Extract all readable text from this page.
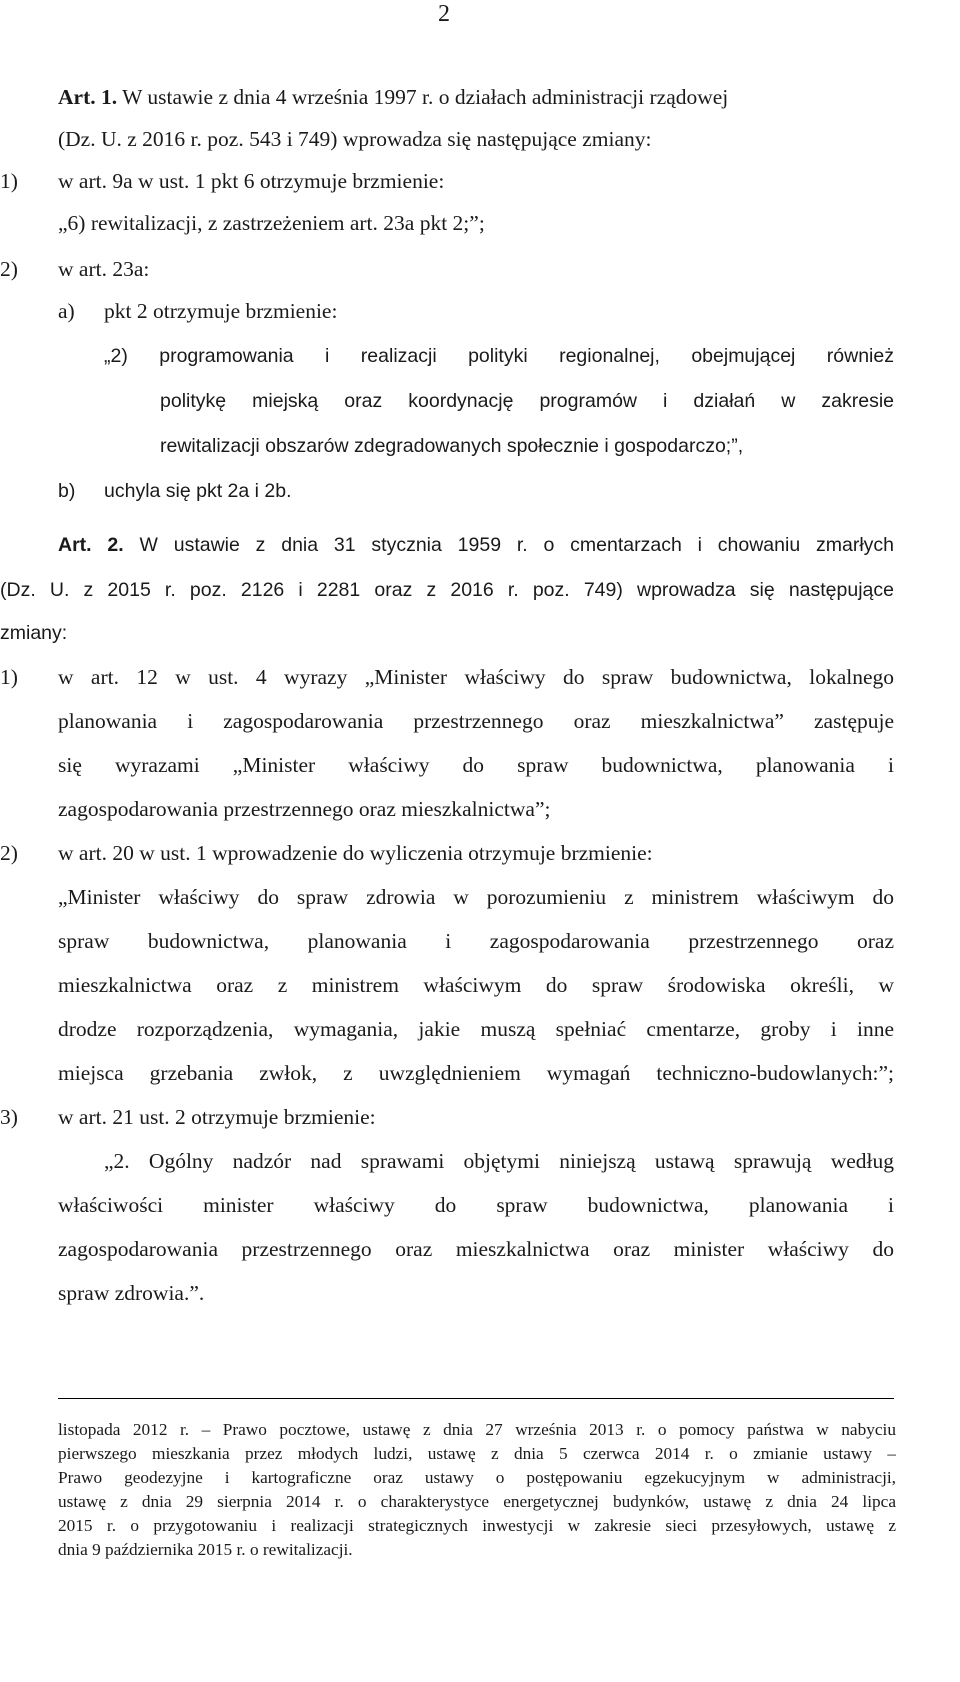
2
Art. 1. W ustawie z dnia 4 września 1997 r. o działach administracji rządowej
(Dz. U. z 2016 r. poz. 543 i 749) wprowadza się następujące zmiany:
1) w art. 9a w ust. 1 pkt 6 otrzymuje brzmienie:
„6) rewitalizacji, z zastrzeżeniem art. 23a pkt 2;”;
2) w art. 23a:
a) pkt 2 otrzymuje brzmienie:
„2) programowania i realizacji polityki regionalnej, obejmującej również
politykę miejską oraz koordynację programów i działań w zakresie
rewitalizacji obszarów zdegradowanych społecznie i gospodarczo;”,
b) uchyla się pkt 2a i 2b.
Art. 2. W ustawie z dnia 31 stycznia 1959 r. o cmentarzach i chowaniu zmarłych
(Dz. U. z 2015 r. poz. 2126 i 2281 oraz z 2016 r. poz. 749) wprowadza się następujące
zmiany:
1) w art. 12 w ust. 4 wyrazy „Minister właściwy do spraw budownictwa, lokalnego
planowania i zagospodarowania przestrzennego oraz mieszkalnictwa” zastępuje
się wyrazami „Minister właściwy do spraw budownictwa, planowania i
zagospodarowania przestrzennego oraz mieszkalnictwa”;
2) w art. 20 w ust. 1 wprowadzenie do wyliczenia otrzymuje brzmienie:
„Minister właściwy do spraw zdrowia w porozumieniu z ministrem właściwym do
spraw budownictwa, planowania i zagospodarowania przestrzennego oraz
mieszkalnictwa oraz z ministrem właściwym do spraw środowiska określi, w
drodze rozporządzenia, wymagania, jakie muszą spełniać cmentarze, groby i inne
miejsca grzebania zwłok, z uwzględnieniem wymagań techniczno-budowlanych:”;
3) w art. 21 ust. 2 otrzymuje brzmienie:
„2. Ogólny nadzór nad sprawami objętymi niniejszą ustawą sprawują według
właściwości minister właściwy do spraw budownictwa, planowania i
zagospodarowania przestrzennego oraz mieszkalnictwa oraz minister właściwy do
spraw zdrowia.”.
listopada 2012 r. – Prawo pocztowe, ustawę z dnia 27 września 2013 r. o pomocy państwa w nabyciu
pierwszego mieszkania przez młodych ludzi, ustawę z dnia 5 czerwca 2014 r. o zmianie ustawy –
Prawo geodezyjne i kartograficzne oraz ustawy o postępowaniu egzekucyjnym w administracji,
ustawę z dnia 29 sierpnia 2014 r. o charakterystyce energetycznej budynków, ustawę z dnia 24 lipca
2015 r. o przygotowaniu i realizacji strategicznych inwestycji w zakresie sieci przesyłowych, ustawę z
dnia 9 października 2015 r. o rewitalizacji.
